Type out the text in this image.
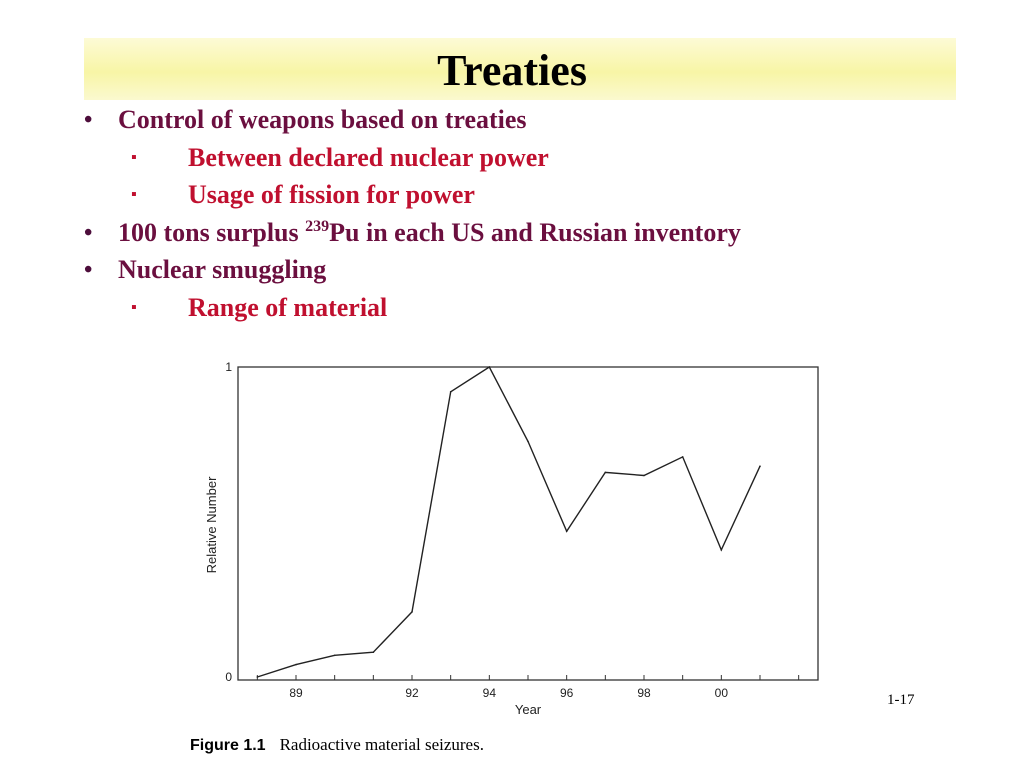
Treaties
• Control of weapons based on treaties
▪ Between declared nuclear power
▪ Usage of fission for power
• 100 tons surplus $^{239}$Pu in each US and Russian inventory
• Nuclear smuggling
▪ Range of material
89	92	94	96	98	00
0
1
Relative Number
Year
1-17
Figure 1.1 Radioactive material seizures.
